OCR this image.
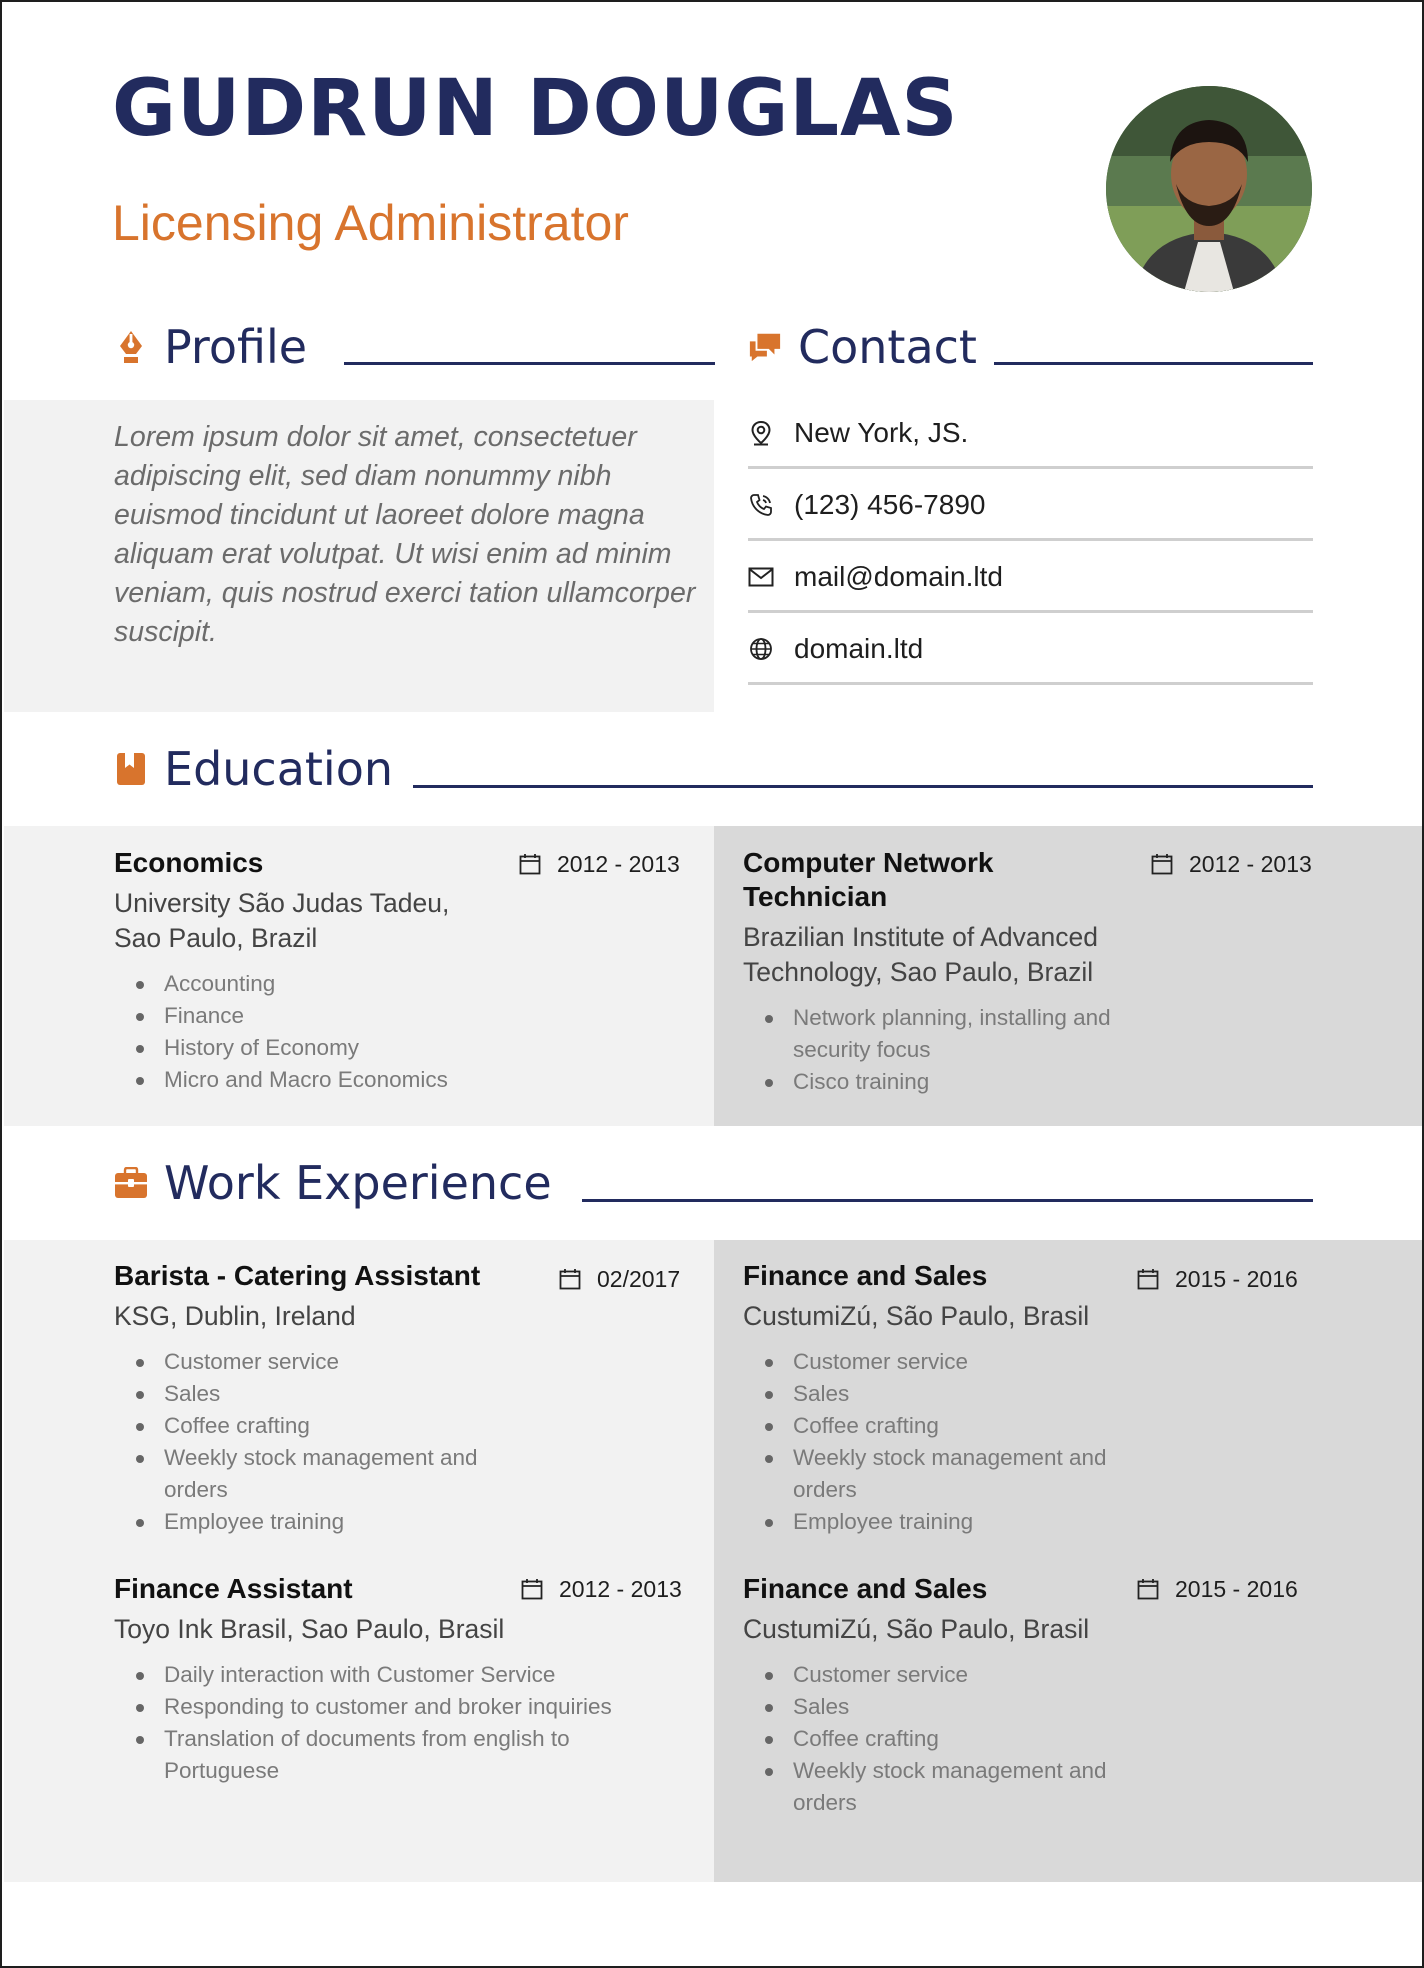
GUDRUN DOUGLAS
Licensing Administrator
Profile	Contact
Lorem ipsum dolor sit amet, consectetuer adipiscing elit, sed diam nonummy nibh euismod tincidunt ut laoreet dolore magna aliquam erat volutpat. Ut wisi enim ad minim veniam, quis nostrud exerci tation ullamcorper suscipit.
New York, JS.
(123) 456-7890
mail@domain.ltd
domain.ltd
Education
Economics
University São Judas Tadeu,
Sao Paulo, Brazil
Accounting
Finance
History of Economy
Micro and Macro Economics
2012 - 2013 Computer Network
Technician
Brazilian Institute of Advanced
Technology, Sao Paulo, Brazil
Network planning, installing and security focus
Cisco training
2012 - 2013
Work Experience
Barista - Catering Assistant
KSG, Dublin, Ireland
Customer service
Sales
Coffee crafting
Weekly stock management and orders
Employee training
02/2017 Finance and Sales
CustumiZú, São Paulo, Brasil
Customer service
Sales
Coffee crafting
Weekly stock management and orders
Employee training
2015 - 2016
Finance Assistant
Toyo Ink Brasil, Sao Paulo, Brasil
Daily interaction with Customer Service
Responding to customer and broker inquiries
Translation of documents from english to Portuguese
2012 - 2013 Finance and Sales
CustumiZú, São Paulo, Brasil
Customer service
Sales
Coffee crafting
Weekly stock management and orders
2015 - 2016
